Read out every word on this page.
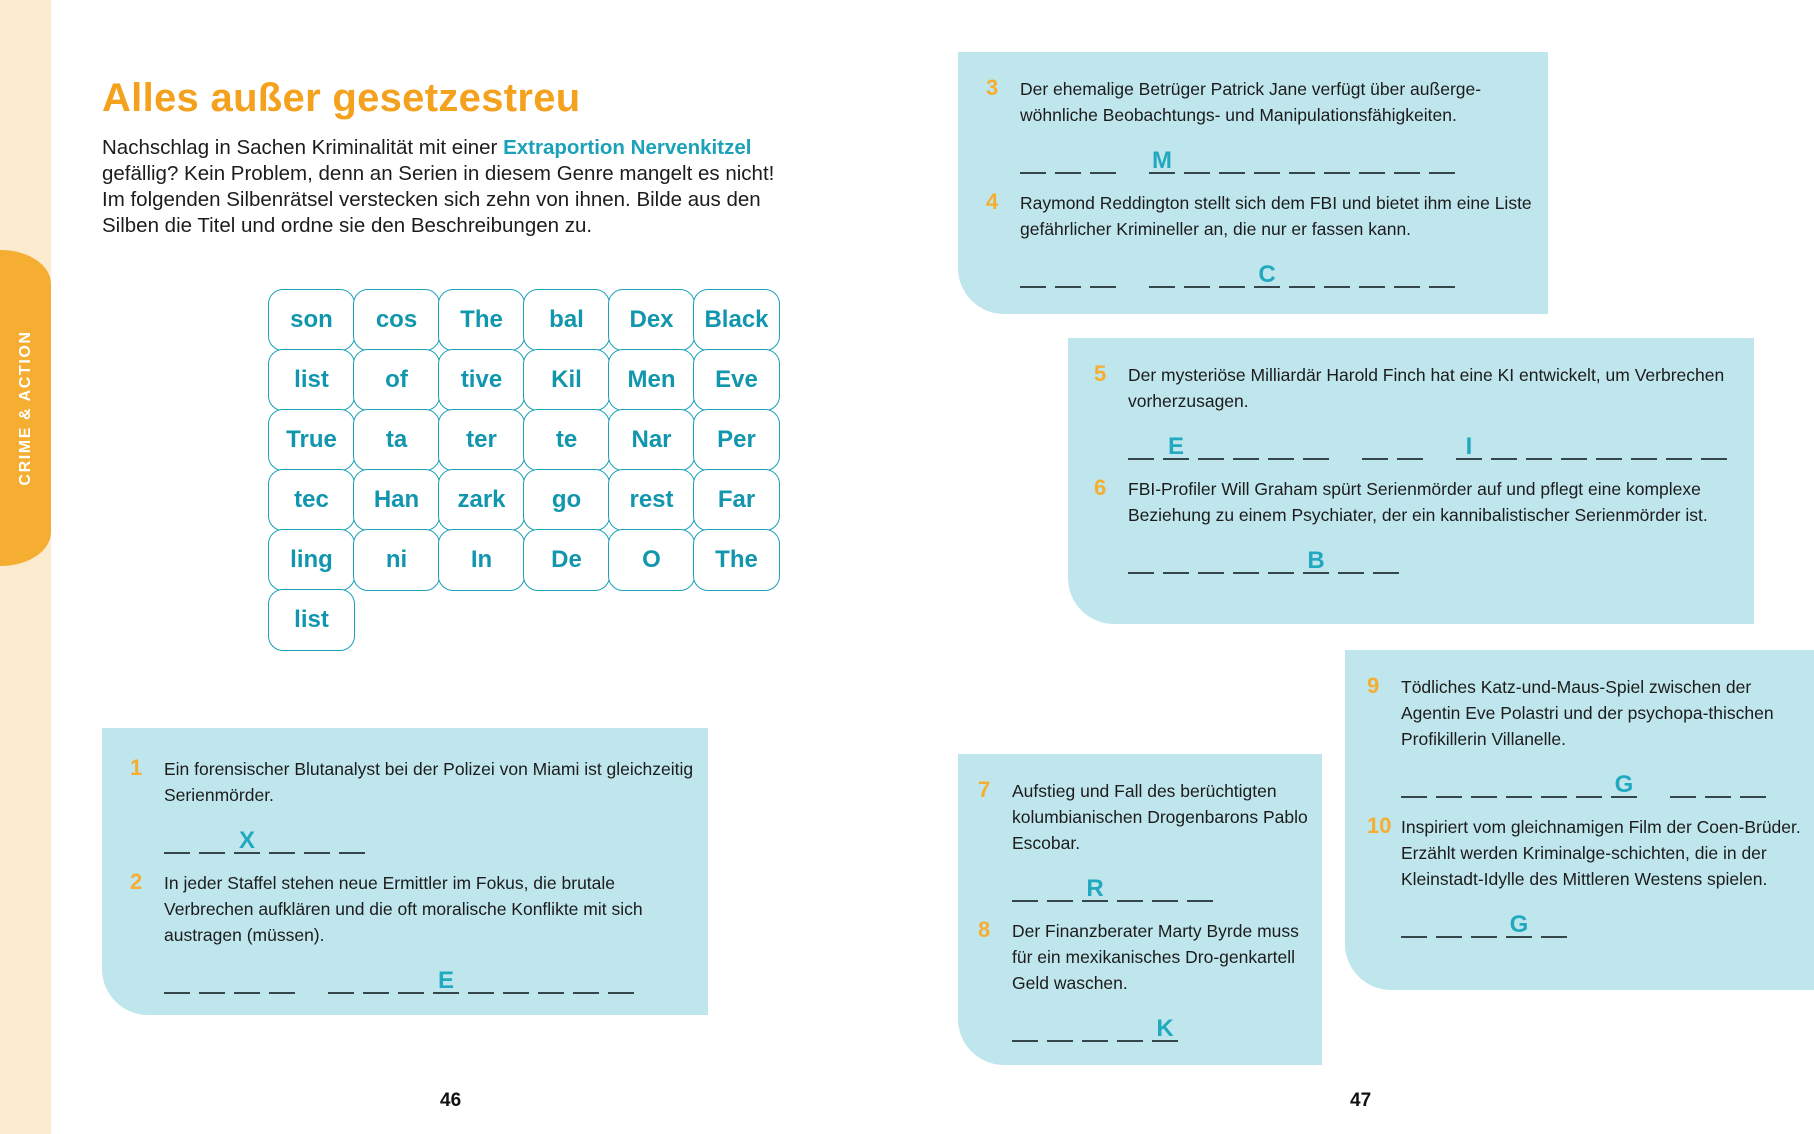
CRIME & ACTION
Alles außer gesetzestreu

Nachschlag in Sachen Kriminalität mit einer Extraportion Nervenkitzel gefällig? Kein Problem, denn an Serien in diesem Genre mangelt es nicht! Im folgenden Silbenrätsel verstecken sich zehn von ihnen. Bilde aus den Silben die Titel und ordne sie den Beschreibungen zu.

son	cos	The	bal	Dex	Black
list	of	tive	Kil	Men	Eve
True	ta	ter	te	Nar	Per
tec	Han	zark	go	rest	Far
ling	ni	In	De	O	The
list
1 Ein forensischer Blutanalyst bei der Polizei von Miami ist gleichzeitig Serienmörder.

X
2 In jeder Staffel stehen neue Ermittler im Fokus, die brutale Verbrechen aufklären und die oft moralische Konflikte mit sich austragen (müssen).

E
3 Der ehemalige Betrüger Patrick Jane verfügt über außerge-wöhnliche Beobachtungs- und Manipulationsfähigkeiten.

M
4 Raymond Reddington stellt sich dem FBI und bietet ihm eine Liste gefährlicher Krimineller an, die nur er fassen kann.

C
5 Der mysteriöse Milliardär Harold Finch hat eine KI entwickelt, um Verbrechen vorherzusagen.

E	I
6 FBI-Profiler Will Graham spürt Serienmörder auf und pflegt eine komplexe Beziehung zu einem Psychiater, der ein kannibalistischer Serienmörder ist.

B
7 Aufstieg und Fall des berüchtigten kolumbianischen Drogenbarons Pablo Escobar.

R
8 Der Finanzberater Marty Byrde muss für ein mexikanisches Dro-genkartell Geld waschen.

K
9 Tödliches Katz-und-Maus-Spiel zwischen der Agentin Eve Polastri und der psychopa-thischen Profikillerin Villanelle.

G
10 Inspiriert vom gleichnamigen Film der Coen-Brüder. Erzählt werden Kriminalge-schichten, die in der Kleinstadt-Idylle des Mittleren Westens spielen.

G
46	47
